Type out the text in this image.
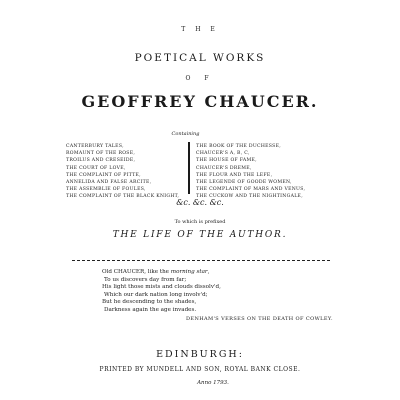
T H E
POETICAL WORKS
O F
GEOFFREY CHAUCER.
Containing
CANTERBURY TALES,
ROMAUNT OF THE ROSE,
TROILUS AND CRESEIDE,
THE COURT OF LOVE,
THE COMPLAINT OF PITTE,
ANNELIDA AND FALSE ARCITE,
THE ASSEMBLIE OF FOULES,
THE COMPLAINT OF THE BLACK KNIGHT,
THE BOOK OF THE DUCHESSE,
CHAUCER'S A, B, C,
THE HOUSE OF FAME,
CHAUCER'S DREME,
THE FLOUR AND THE LEFE,
THE LEGENDE OF GOODE WOMEN,
THE COMPLAINT OF MARS AND VENUS,
THE CUCKOW AND THE NIGHTINGALE,
&c. &c. &c.
To which is prefixed
THE LIFE OF THE AUTHOR.
Old CHAUCER, like the morning star,
To us discovers day from far;
His light those mists and clouds dissolv'd,
Which our dark nation long involv'd;
But he descending to the shades,
Darkness again the age invades.
DENHAM'S VERSES ON THE DEATH OF COWLEY.
EDINBURGH:
PRINTED BY MUNDELL AND SON, ROYAL BANK CLOSE.
Anno 1793.
